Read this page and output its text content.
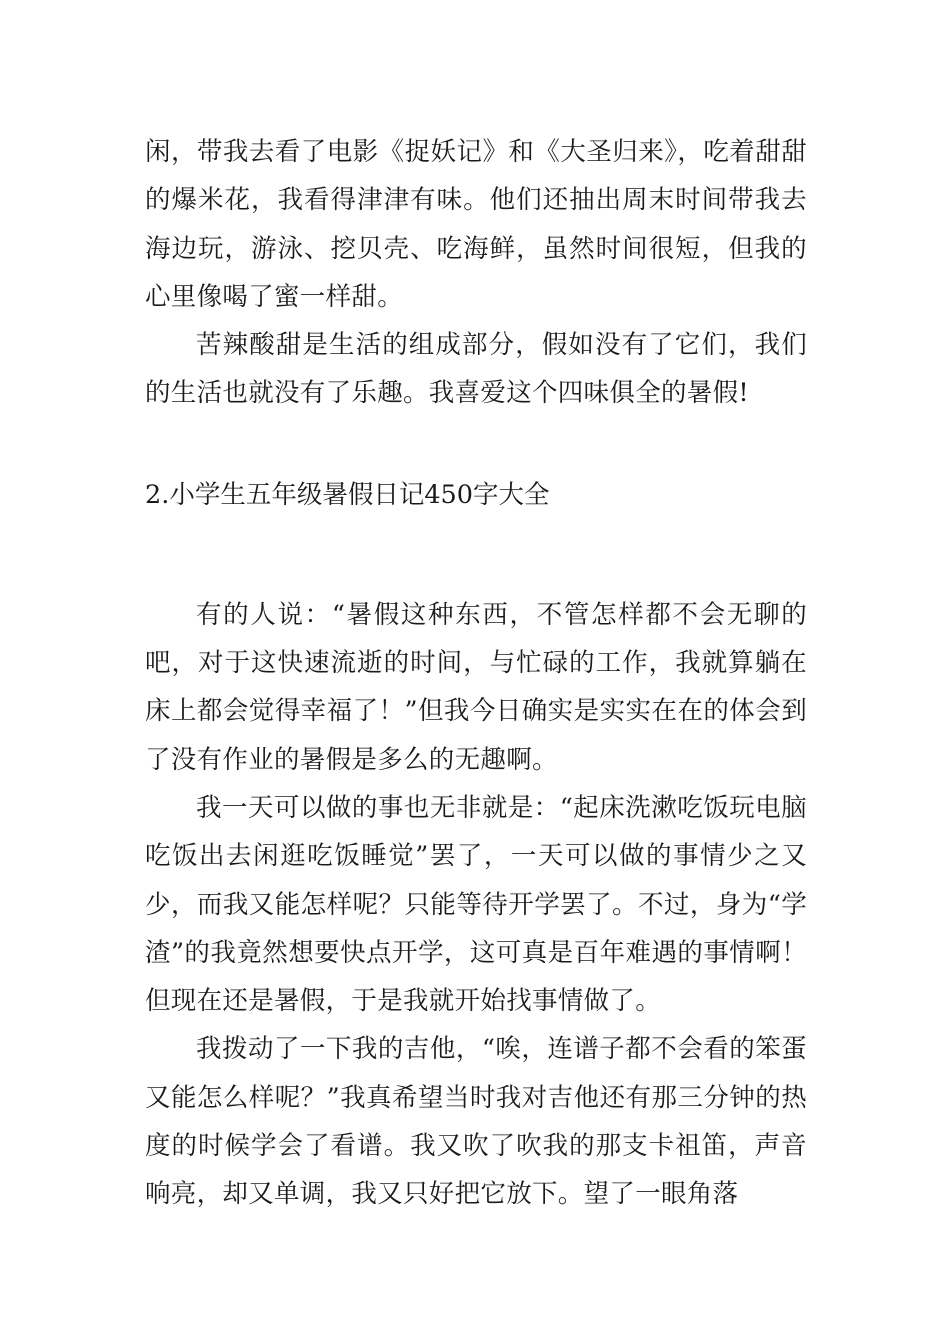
闲，带我去看了电影《捉妖记》和《大圣归来》，吃着甜甜的爆米花，我看得津津有味。他们还抽出周末时间带我去海边玩，游泳、挖贝壳、吃海鲜，虽然时间很短，但我的心里像喝了蜜一样甜。

苦辣酸甜是生活的组成部分，假如没有了它们，我们的生活也就没有了乐趣。我喜爱这个四味俱全的暑假!

2.小学生五年级暑假日记450字大全

有的人说：“暑假这种东西，不管怎样都不会无聊的吧，对于这快速流逝的时间，与忙碌的工作，我就算躺在床上都会觉得幸福了！”但我今日确实是实实在在的体会到了没有作业的暑假是多么的无趣啊。

我一天可以做的事也无非就是：“起床洗漱吃饭玩电脑吃饭出去闲逛吃饭睡觉”罢了，一天可以做的事情少之又少，而我又能怎样呢？只能等待开学罢了。不过，身为“学渣”的我竟然想要快点开学，这可真是百年难遇的事情啊！但现在还是暑假，于是我就开始找事情做了。

我拨动了一下我的吉他，“唉，连谱子都不会看的笨蛋又能怎么样呢？”我真希望当时我对吉他还有那三分钟的热度的时候学会了看谱。我又吹了吹我的那支卡祖笛，声音响亮，却又单调，我又只好把它放下。望了一眼角落
